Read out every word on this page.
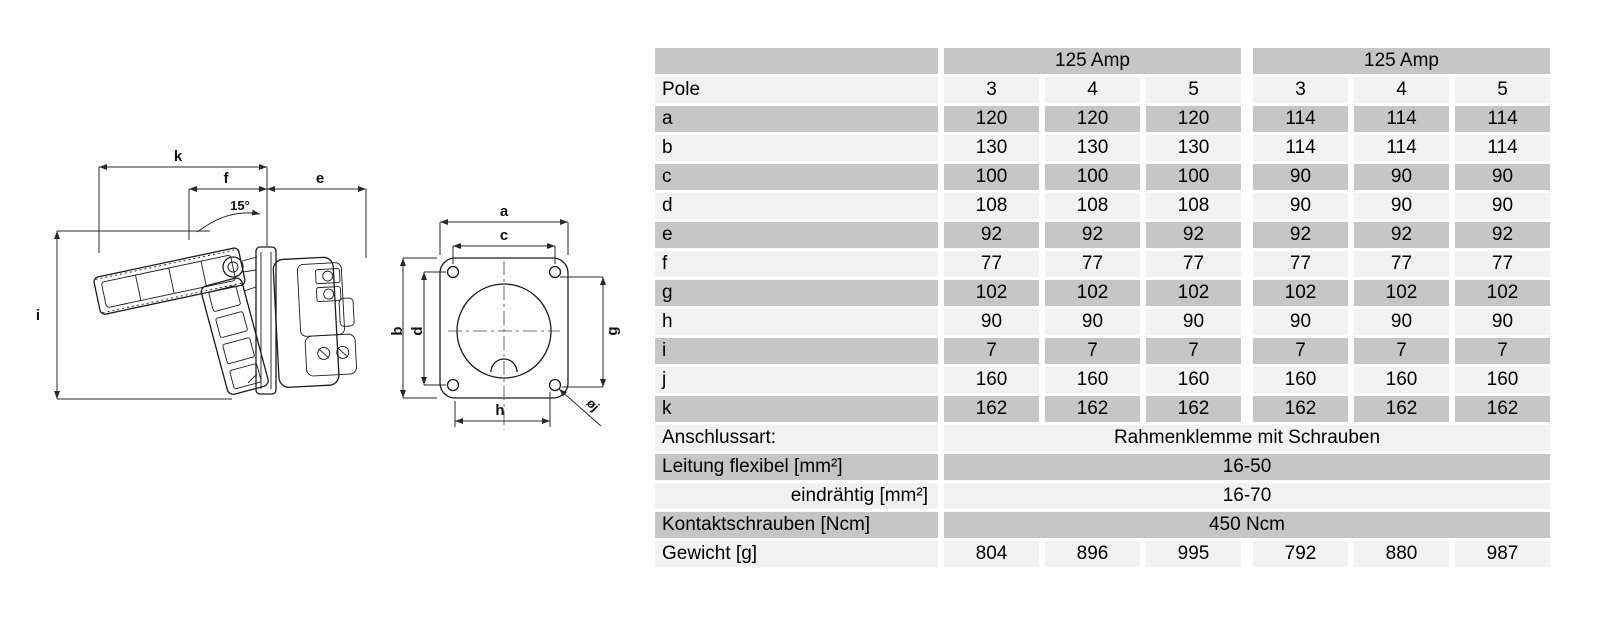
i
k
f	e
15°	a
c
b d	g
h	øj
125 Amp	125 Amp
Pole	3	4	5	3	4	5
a	120	120	120	114	114	114
b	130	130	130	114	114	114
c	100	100	100	90	90	90
d	108	108	108	90	90	90
e	92	92	92	92	92	92
f	77	77	77	77	77	77
g	102	102	102	102	102	102
h	90	90	90	90	90	90
i	7	7	7	7	7	7
j	160	160	160	160	160	160
k	162	162	162	162	162	162
Anschlussart:	Rahmenklemme mit Schrauben
Leitung flexibel [mm²]	16-50
eindrähtig [mm²]	16-70
Kontaktschrauben [Ncm]	450 Ncm
Gewicht [g]	804	896	995	792	880	987
